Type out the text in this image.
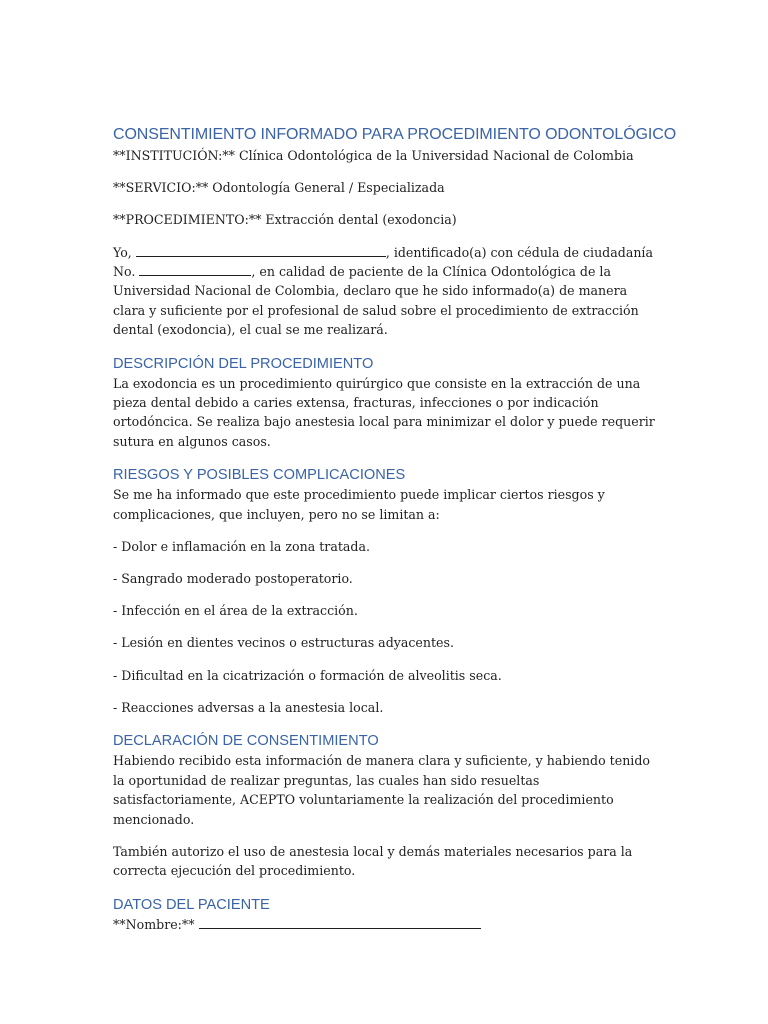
CONSENTIMIENTO INFORMADO PARA PROCEDIMIENTO ODONTOLÓGICO

**INSTITUCIÓN:** Clínica Odontológica de la Universidad Nacional de Colombia

**SERVICIO:** Odontología General / Especializada

**PROCEDIMIENTO:** Extracción dental (exodoncia)

Yo,	, identificado(a) con cédula de ciudadanía No.	, en calidad de paciente de la Clínica Odontológica de la Universidad Nacional de Colombia, declaro que he sido informado(a) de manera clara y suficiente por el profesional de salud sobre el procedimiento de extracción dental (exodoncia), el cual se me realizará.

DESCRIPCIÓN DEL PROCEDIMIENTO

La exodoncia es un procedimiento quirúrgico que consiste en la extracción de una pieza dental debido a caries extensa, fracturas, infecciones o por indicación ortodóncica. Se realiza bajo anestesia local para minimizar el dolor y puede requerir sutura en algunos casos.

RIESGOS Y POSIBLES COMPLICACIONES

Se me ha informado que este procedimiento puede implicar ciertos riesgos y complicaciones, que incluyen, pero no se limitan a:

- Dolor e inflamación en la zona tratada.

- Sangrado moderado postoperatorio.

- Infección en el área de la extracción.

- Lesión en dientes vecinos o estructuras adyacentes.

- Dificultad en la cicatrización o formación de alveolitis seca.

- Reacciones adversas a la anestesia local.

DECLARACIÓN DE CONSENTIMIENTO

Habiendo recibido esta información de manera clara y suficiente, y habiendo tenido la oportunidad de realizar preguntas, las cuales han sido resueltas satisfactoriamente, ACEPTO voluntariamente la realización del procedimiento mencionado.

También autorizo el uso de anestesia local y demás materiales necesarios para la correcta ejecución del procedimiento.

DATOS DEL PACIENTE

**Nombre:**
